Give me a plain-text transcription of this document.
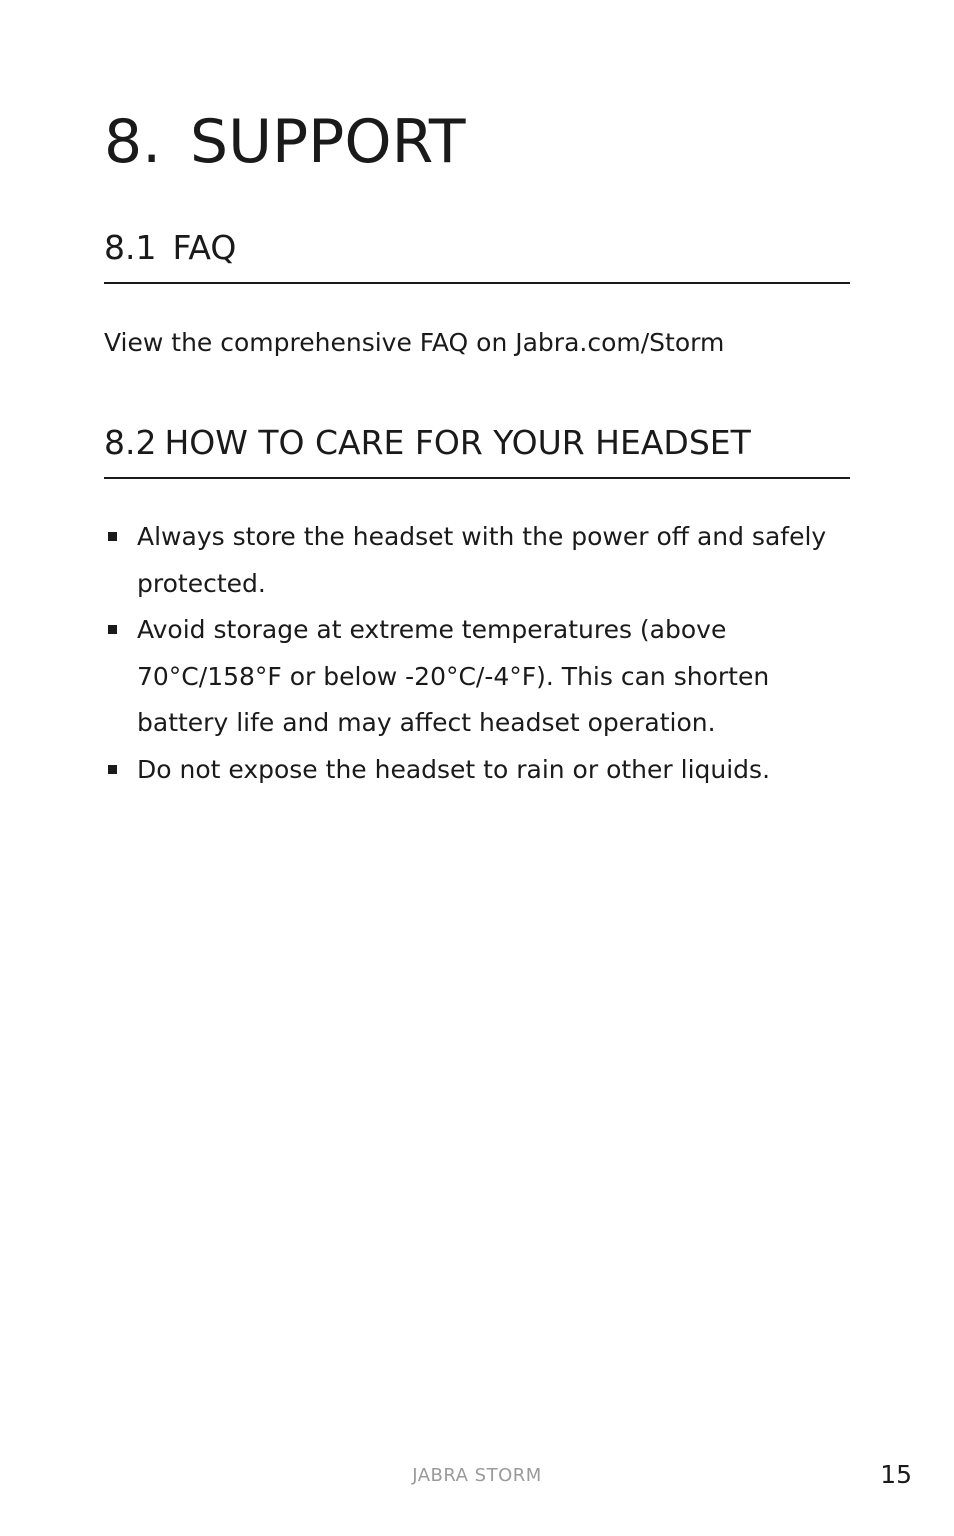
8. SUPPORT
8.1 FAQ

View the comprehensive FAQ on Jabra.com/Storm

8.2 HOW TO CARE FOR YOUR HEADSET
Always store the headset with the power off and safely protected.
Avoid storage at extreme temperatures (above 70°C/158°F or below -20°C/-4°F). This can shorten battery life and may affect headset operation.
Do not expose the headset to rain or other liquids.
JABRA STORM	15
